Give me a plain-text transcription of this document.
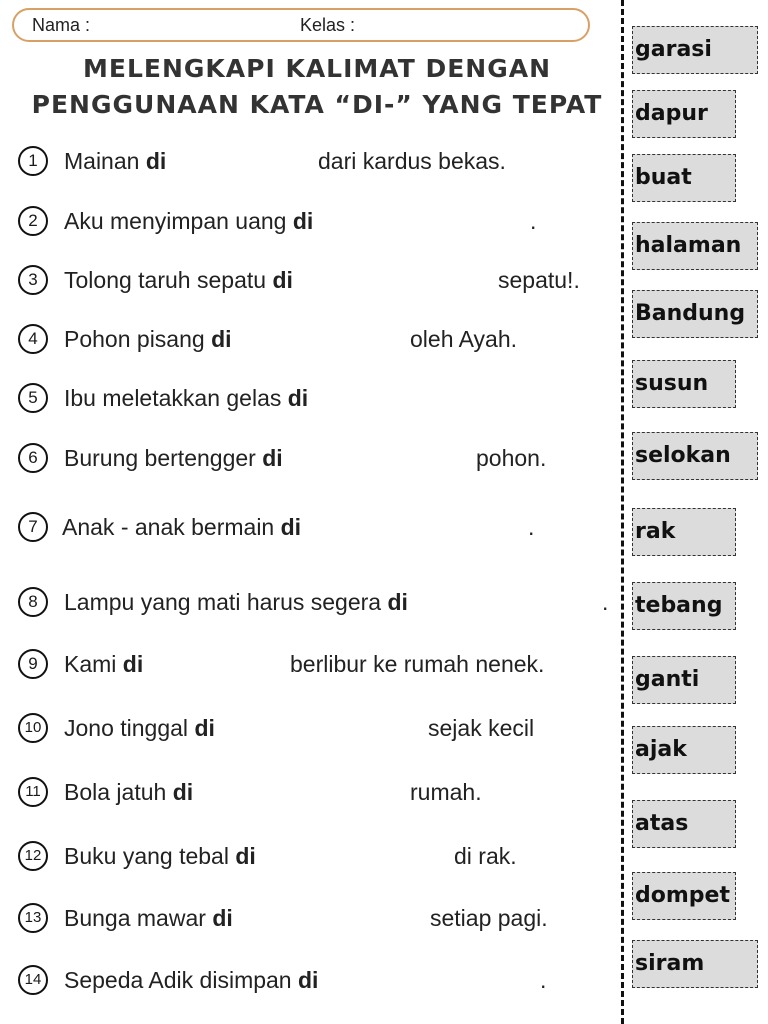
Nama :	Kelas :
MELENGKAPI KALIMAT DENGAN
PENGGUNAAN KATA “DI-” YANG TEPAT
1	Mainan di	dari kardus bekas.
2	Aku menyimpan uang di	.
3	Tolong taruh sepatu di	sepatu!.
4	Pohon pisang di	oleh Ayah.
5	Ibu meletakkan gelas di
6	Burung bertengger di	pohon.
7	Anak - anak bermain di	.
8	Lampu yang mati harus segera di	.
9	Kami di	berlibur ke rumah nenek.
10 Jono tinggal di	sejak kecil
11	Bola jatuh di	rumah.
12 Buku yang tebal di	di rak.
13 Bunga mawar di	setiap pagi.
14 Sepeda Adik disimpan di	.
garasi
dapur
buat
halaman
Bandung
susun
selokan
rak
tebang
ganti
ajak
atas
dompet
siram
